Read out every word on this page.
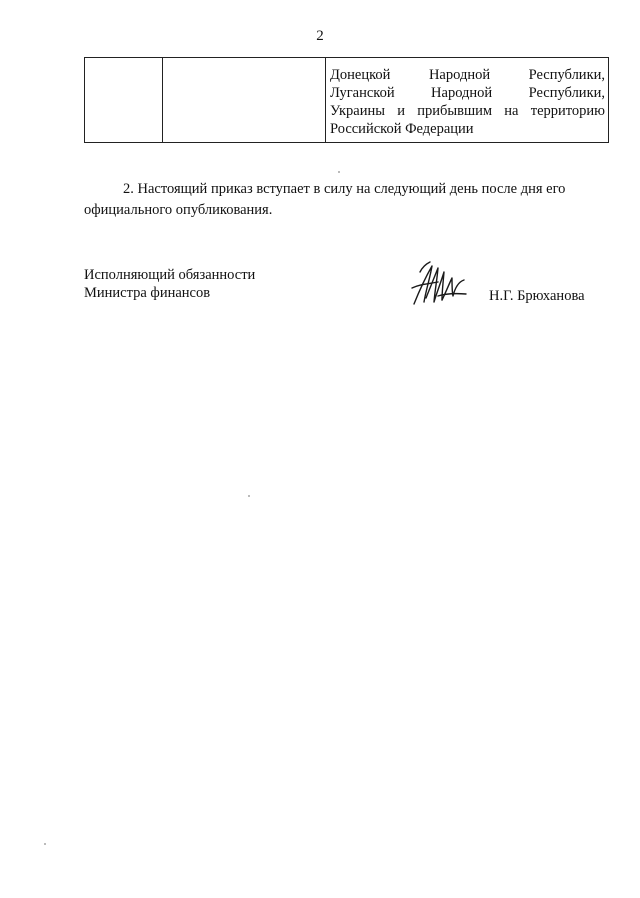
2

Донецкой Народной Республики,
Луганской Народной Республики,
Украины и прибывшим на территорию
Российской Федерации
2. Настоящий приказ вступает в силу на следующий день после дня его
официального опубликования.
Исполняющий обязанности
Министра финансов	Н.Г. Брюханова
